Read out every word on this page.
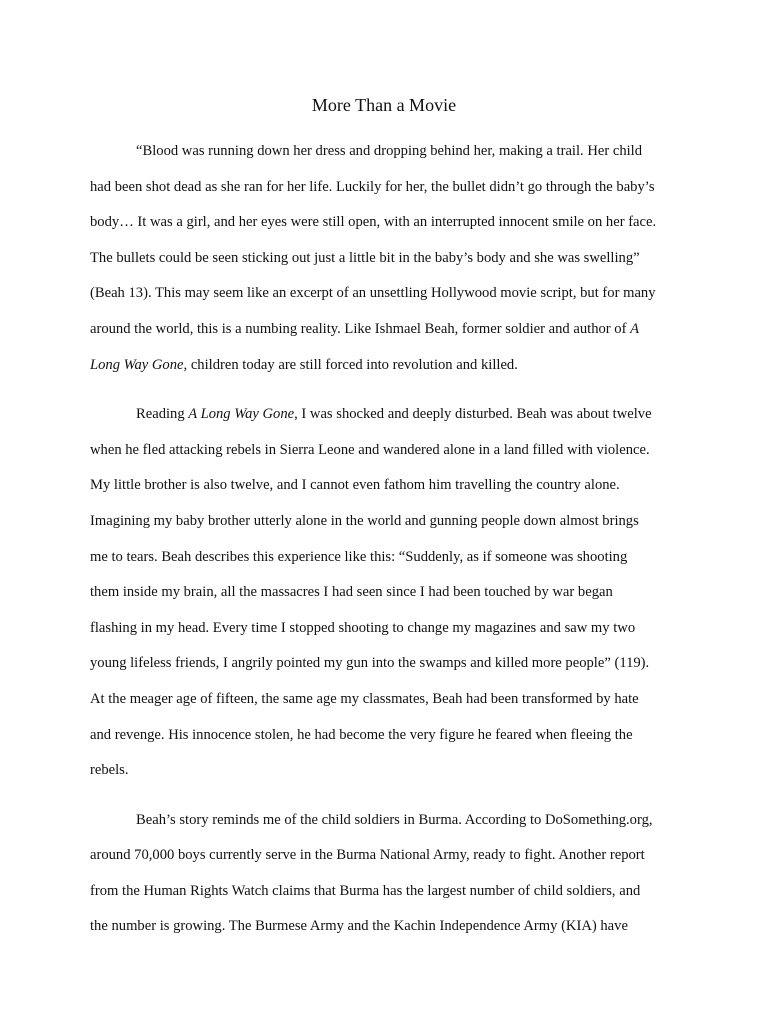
More Than a Movie
“Blood was running down her dress and dropping behind her, making a trail. Her child
had been shot dead as she ran for her life. Luckily for her, the bullet didn’t go through the baby’s
body… It was a girl, and her eyes were still open, with an interrupted innocent smile on her face.
The bullets could be seen sticking out just a little bit in the baby’s body and she was swelling”
(Beah 13). This may seem like an excerpt of an unsettling Hollywood movie script, but for many
around the world, this is a numbing reality. Like Ishmael Beah, former soldier and author of A
Long Way Gone, children today are still forced into revolution and killed.
Reading A Long Way Gone, I was shocked and deeply disturbed. Beah was about twelve
when he fled attacking rebels in Sierra Leone and wandered alone in a land filled with violence.
My little brother is also twelve, and I cannot even fathom him travelling the country alone.
Imagining my baby brother utterly alone in the world and gunning people down almost brings
me to tears. Beah describes this experience like this: “Suddenly, as if someone was shooting
them inside my brain, all the massacres I had seen since I had been touched by war began
flashing in my head. Every time I stopped shooting to change my magazines and saw my two
young lifeless friends, I angrily pointed my gun into the swamps and killed more people” (119).
At the meager age of fifteen, the same age my classmates, Beah had been transformed by hate
and revenge. His innocence stolen, he had become the very figure he feared when fleeing the
rebels.
Beah’s story reminds me of the child soldiers in Burma. According to DoSomething.org,
around 70,000 boys currently serve in the Burma National Army, ready to fight. Another report
from the Human Rights Watch claims that Burma has the largest number of child soldiers, and
the number is growing. The Burmese Army and the Kachin Independence Army (KIA) have
